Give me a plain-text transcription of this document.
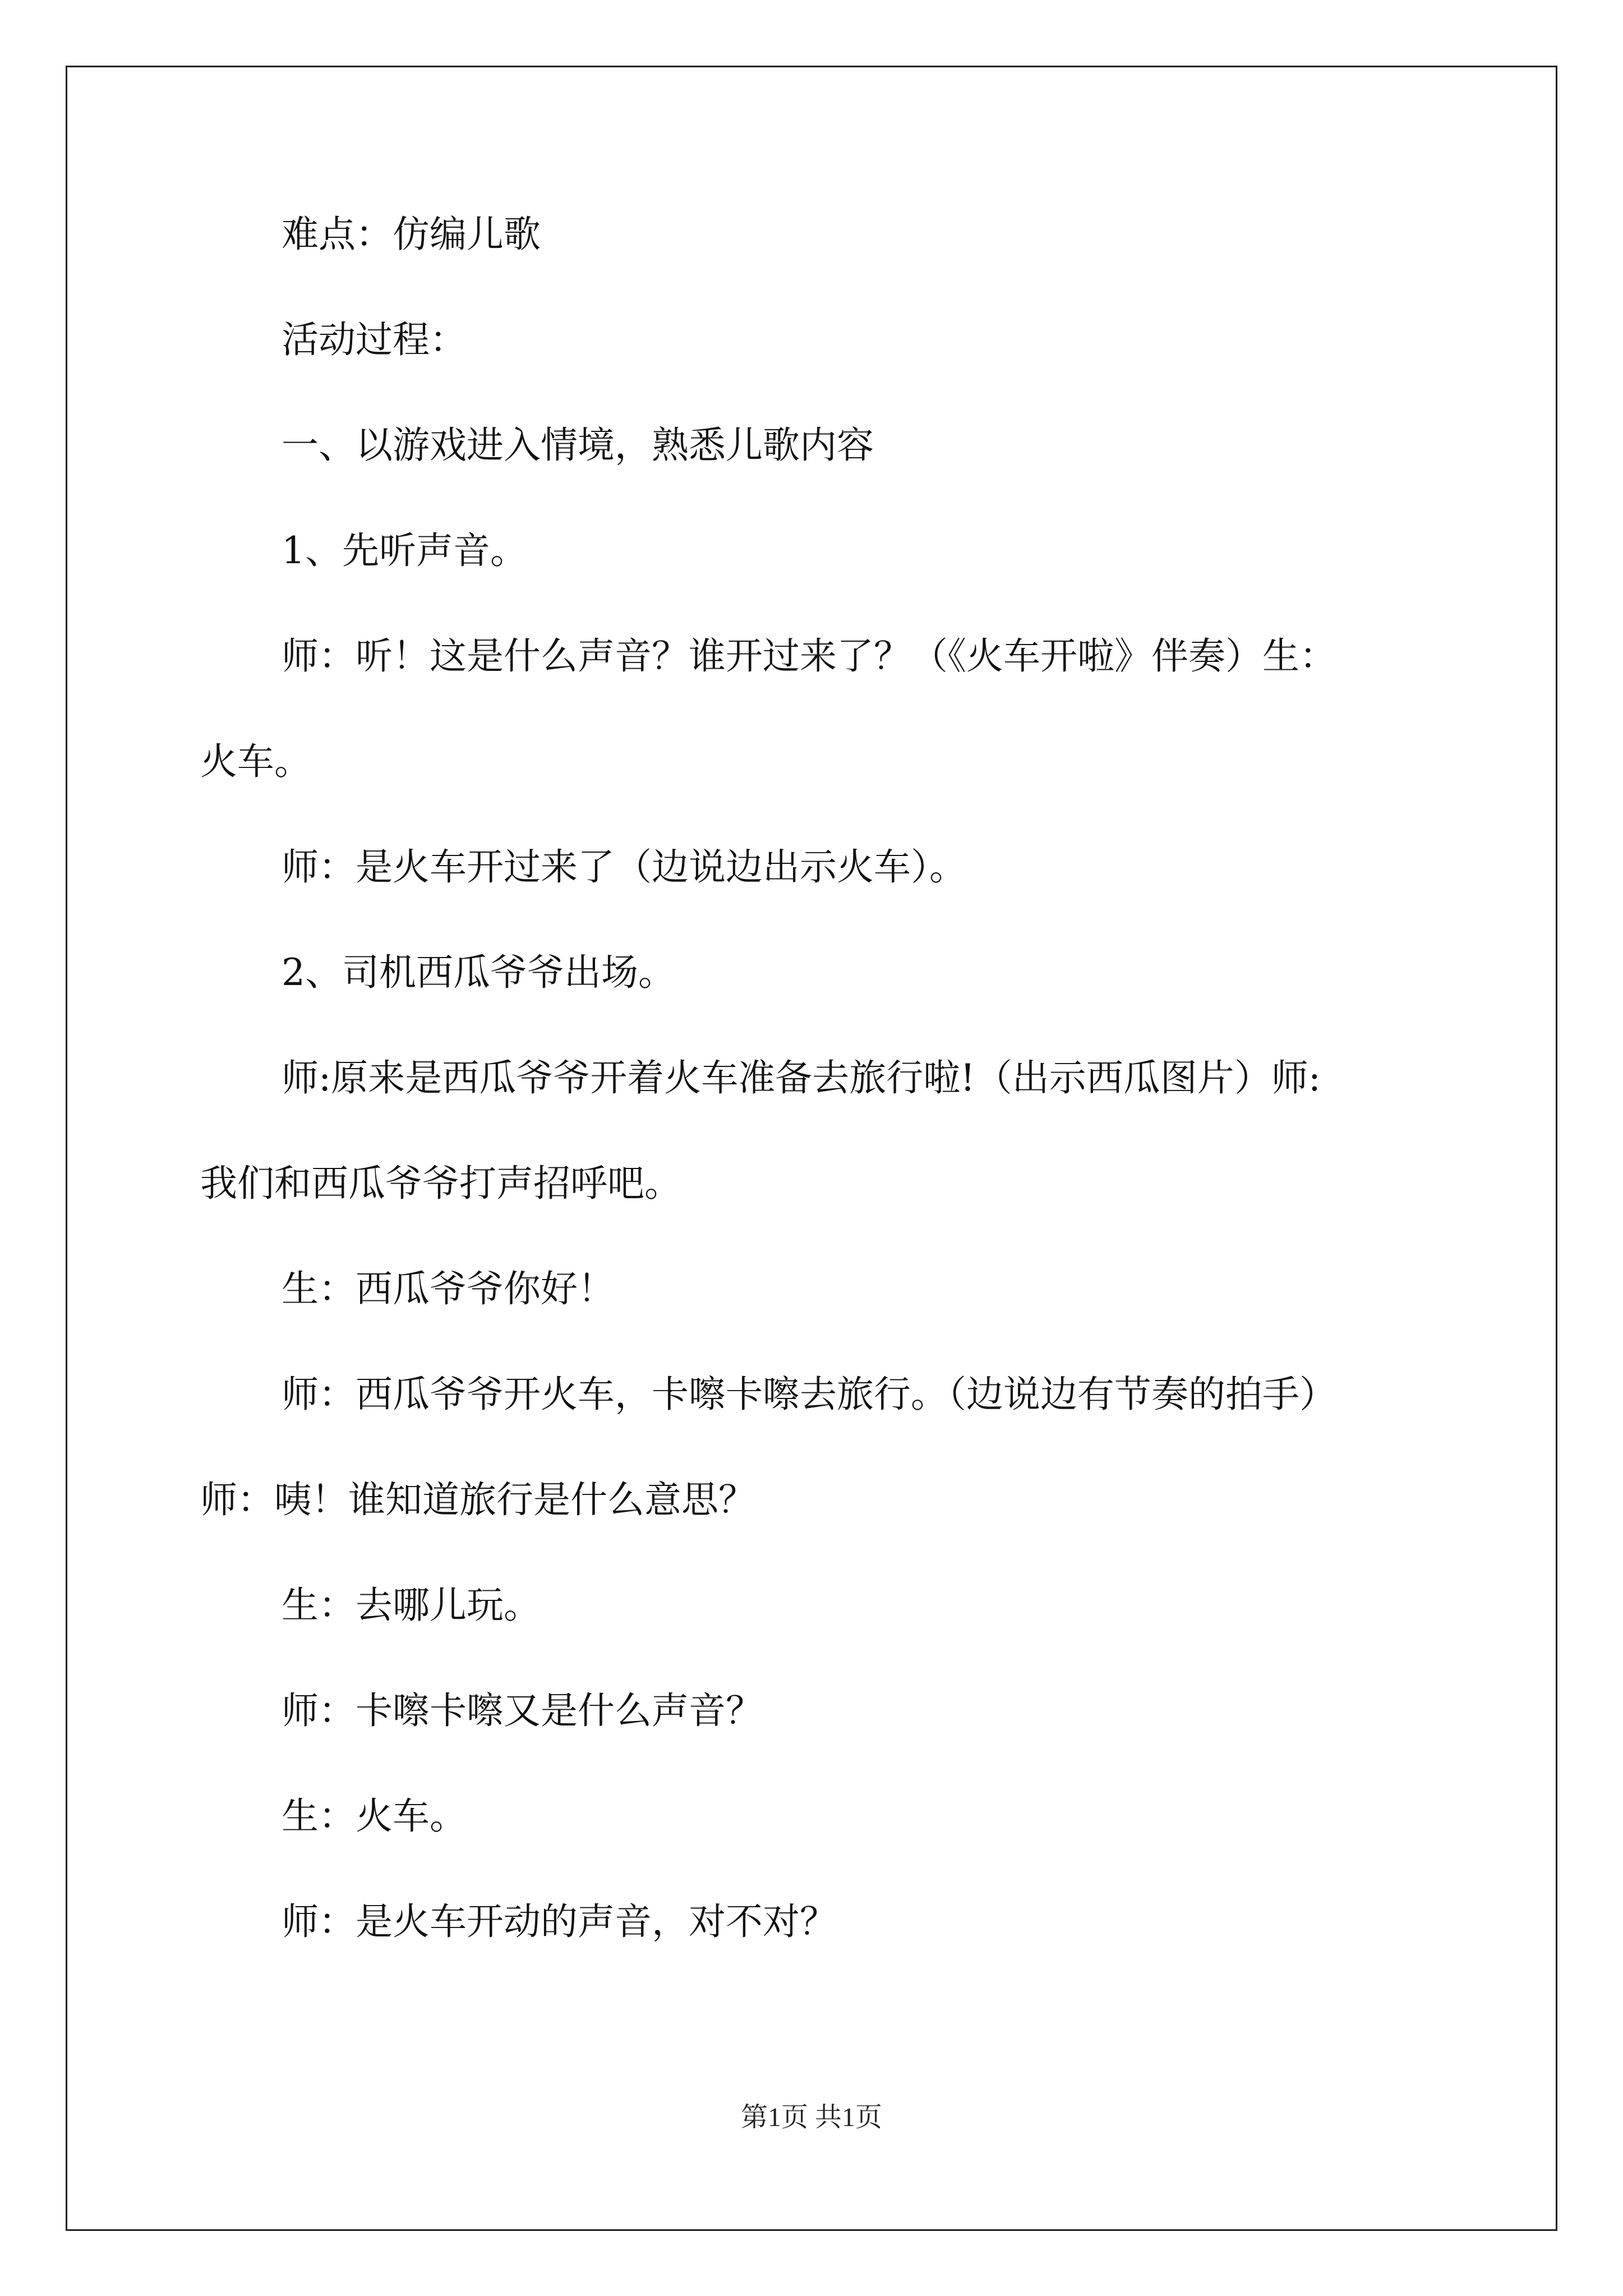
难点：仿编儿歌

活动过程：

一、以游戏进入情境，熟悉儿歌内容

1、先听声音。

师：听！这是什么声音？谁开过来了？（《火车开啦》伴奏）生：
火车。

师：是火车开过来了（边说边出示火车）。

2、司机西瓜爷爷出场。

师:原来是西瓜爷爷开着火车准备去旅行啦!（出示西瓜图片）师:
我们和西瓜爷爷打声招呼吧。

生：西瓜爷爷你好！

师：西瓜爷爷开火车，卡嚓卡嚓去旅行。（边说边有节奏的拍手）
师：咦！谁知道旅行是什么意思？

生：去哪儿玩。

师：卡嚓卡嚓又是什么声音？

生：火车。

师：是火车开动的声音，对不对？

第1页 共1页
